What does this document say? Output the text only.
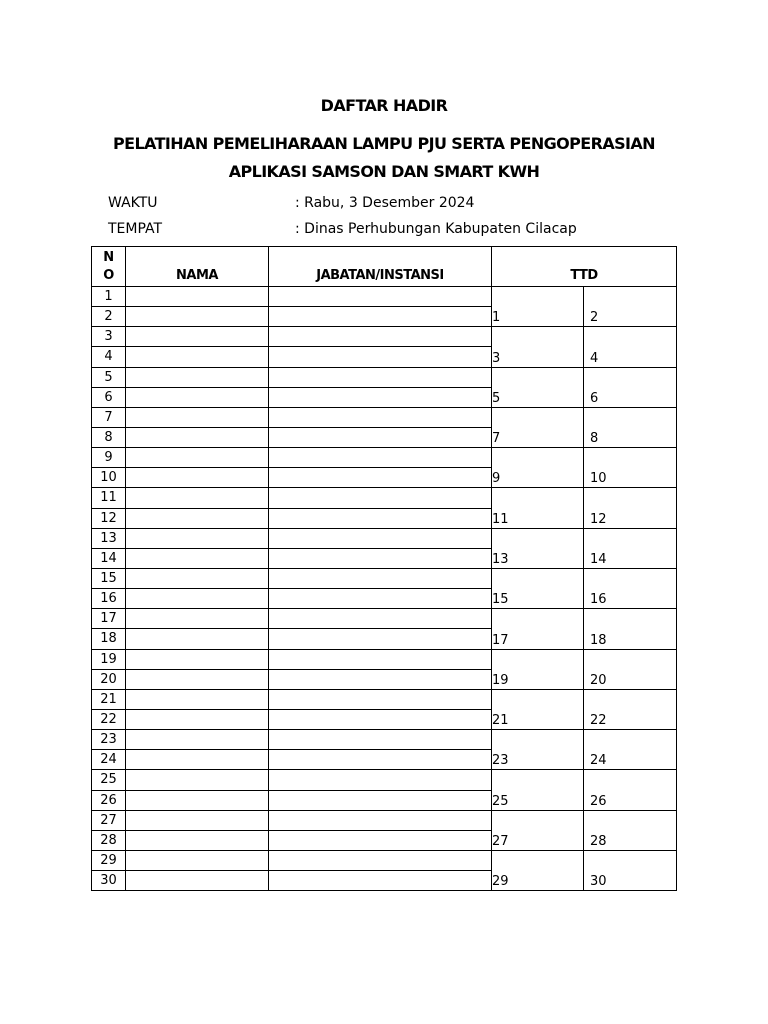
DAFTAR HADIR
PELATIHAN PEMELIHARAAN LAMPU PJU SERTA PENGOPERASIAN
APLIKASI SAMSON DAN SMART KWH
WAKTU	: Rabu, 3 Desember 2024
TEMPAT	: Dinas Perhubungan Kabupaten Cilacap
N
O	NAMA	JABATAN/INSTANSI	TTD	
1			1	2
2				
3			3	4
4				
5			5	6
6				
7			7	8
8				
9			9	10
10				
11			11	12
12				
13			13	14
14				
15			15	16
16				
17			17	18
18				
19			19	20
20				
21			21	22
22				
23			23	24
24				
25			25	26
26				
27			27	28
28				
29			29	30
30				
